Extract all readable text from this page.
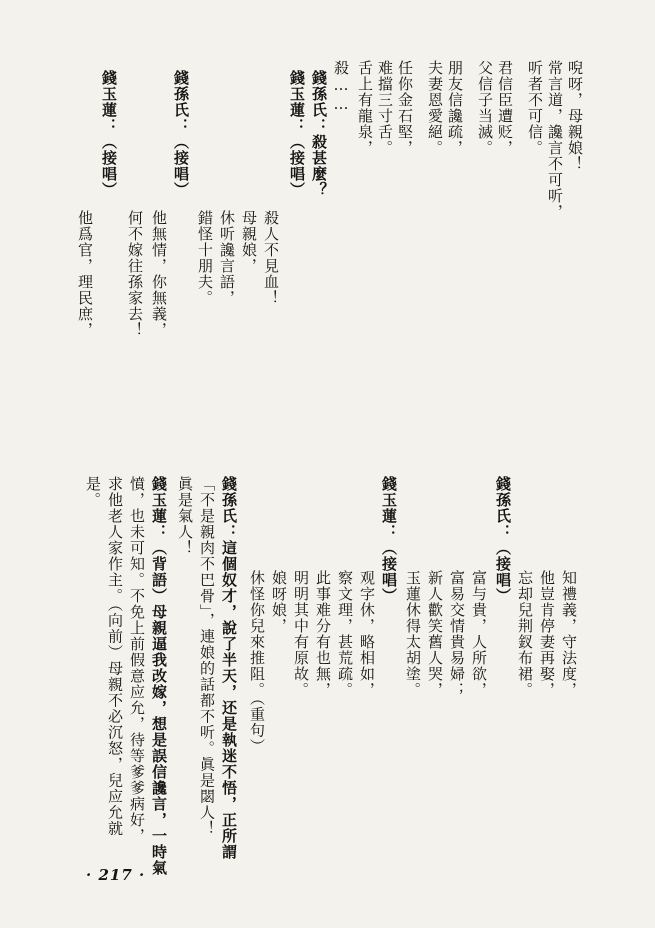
唲呀，母親娘！
常言道，讒言不可听，
听者不可信。
君信臣遭贬，
父信子当滅。
朋友信讒疏，
夫妻恩愛絕。
任你金石堅，
难擋三寸舌。
舌上有龍泉，
殺……
錢孫氏：殺甚麼？
錢玉蓮：（接唱）
殺人不見血！
母親娘，
休听讒言語，
錯怪十朋夫。
錢孫氏：（接唱）
他無情，你無義，
何不嫁往孫家去！
錢玉蓮：（接唱）
他爲官，理民庶，
知禮義，守法度，
他豈肯停妻再娶，
忘却兒荆釵布裙。
錢孫氏：（接唱）
富与貴，人所欲，
富易交情貴易婦；
新人歡笑舊人哭，
玉蓮休得太胡塗。
錢玉蓮：（接唱）
观字休，略相如，
察文理，甚荒疏。
此事难分有也無，
明明其中有原故。
娘呀娘，
休怪你兒來推阻。（重句）
錢孫氏：這個奴才，說了半天，还是執迷不悟，正所謂
「不是親肉不巴骨」，連娘的話都不听。眞是閟人！
眞是氣人！
錢玉蓮：（背語）母親逼我改嫁，想是誤信讒言，一時氣
憤，也未可知。不免上前假意应允，待等爹爹病好，
求他老人家作主。（向前）母親不必沉怒，兒应允就
是。
· 217 ·
